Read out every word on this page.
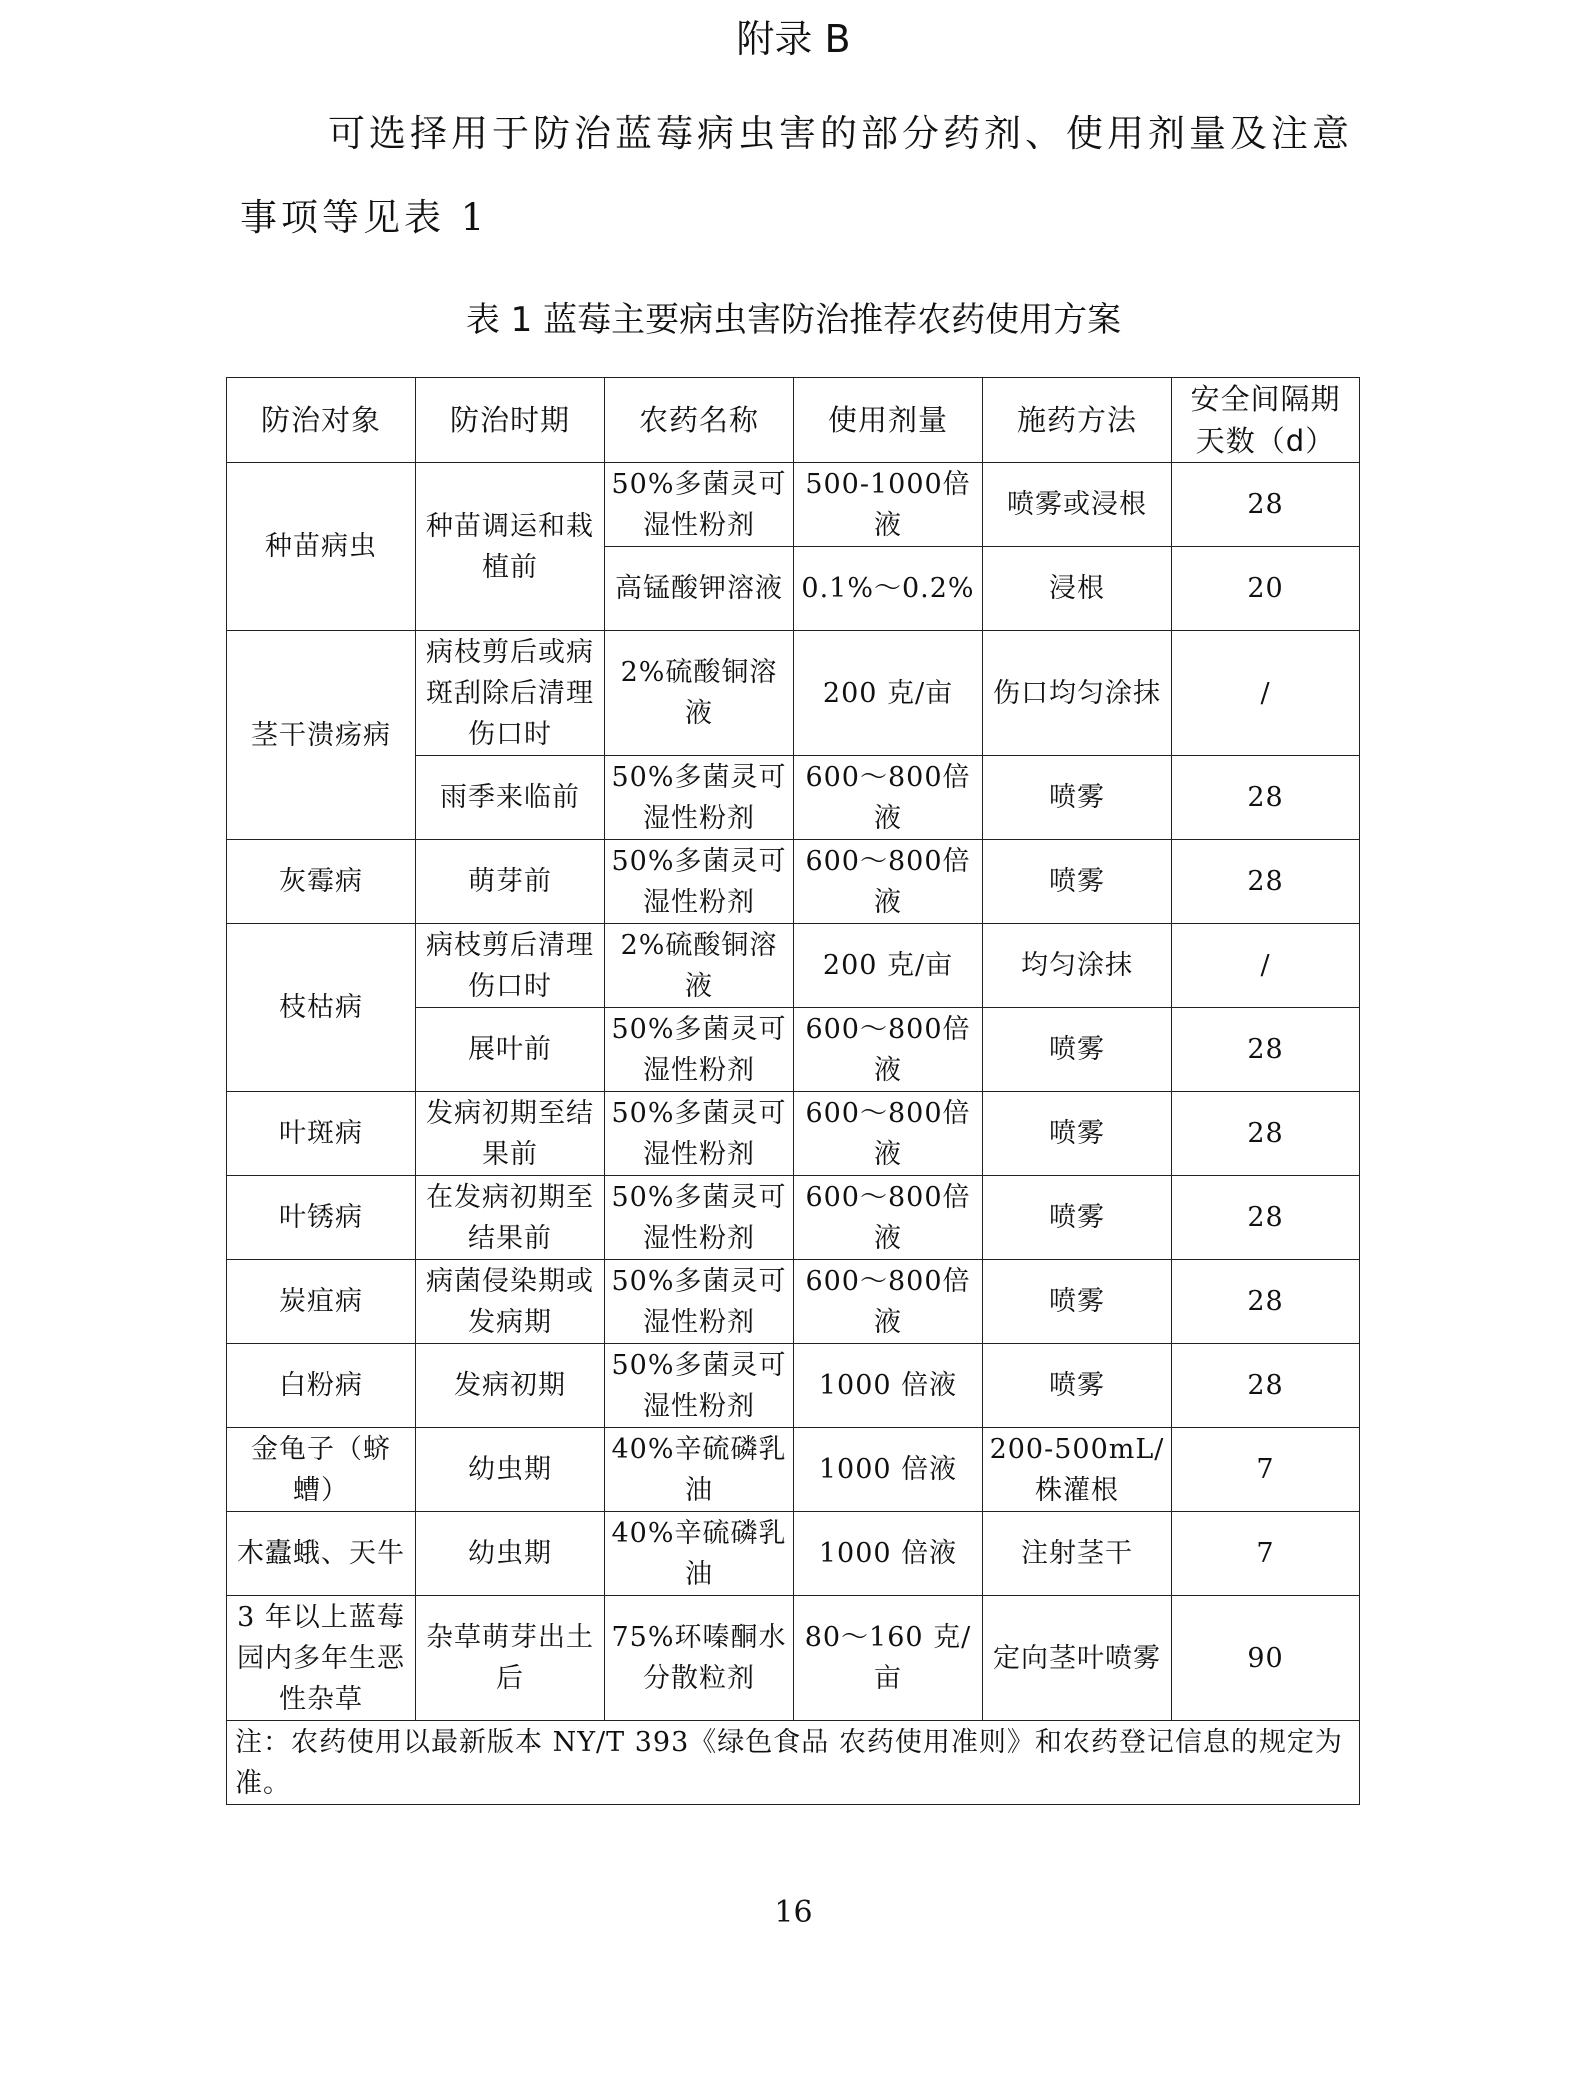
附录 B
可选择用于防治蓝莓病虫害的部分药剂、使用剂量及注意事项等见表 1
表 1 蓝莓主要病虫害防治推荐农药使用方案
防治对象	防治时期	农药名称	使用剂量	施药方法	安全间隔期天数（d）
种苗病虫	种苗调运和栽植前	50%多菌灵可湿性粉剂	500-1000倍液	喷雾或浸根	28
		高锰酸钾溶液	0.1%～0.2%	浸根	20
茎干溃疡病	病枝剪后或病斑刮除后清理伤口时	2%硫酸铜溶液	200 克/亩	伤口均匀涂抹	/
	雨季来临前	50%多菌灵可湿性粉剂	600～800倍液	喷雾	28
灰霉病	萌芽前	50%多菌灵可湿性粉剂	600～800倍液	喷雾	28
枝枯病	病枝剪后清理伤口时	2%硫酸铜溶液	200 克/亩	均匀涂抹	/
	展叶前	50%多菌灵可湿性粉剂	600～800倍液	喷雾	28
叶斑病	发病初期至结果前	50%多菌灵可湿性粉剂	600～800倍液	喷雾	28
叶锈病	在发病初期至结果前	50%多菌灵可湿性粉剂	600～800倍液	喷雾	28
炭疽病	病菌侵染期或发病期	50%多菌灵可湿性粉剂	600～800倍液	喷雾	28
白粉病	发病初期	50%多菌灵可湿性粉剂	1000 倍液	喷雾	28
金龟子（蛴螬）	幼虫期	40%辛硫磷乳油	1000 倍液	200-500mL/株灌根	7
木蠹蛾、天牛	幼虫期	40%辛硫磷乳油	1000 倍液	注射茎干	7
3 年以上蓝莓园内多年生恶性杂草	杂草萌芽出土后	75%环嗪酮水分散粒剂	80～160 克/亩	定向茎叶喷雾	90
注：农药使用以最新版本 NY/T 393《绿色食品 农药使用准则》和农药登记信息的规定为准。					
16
